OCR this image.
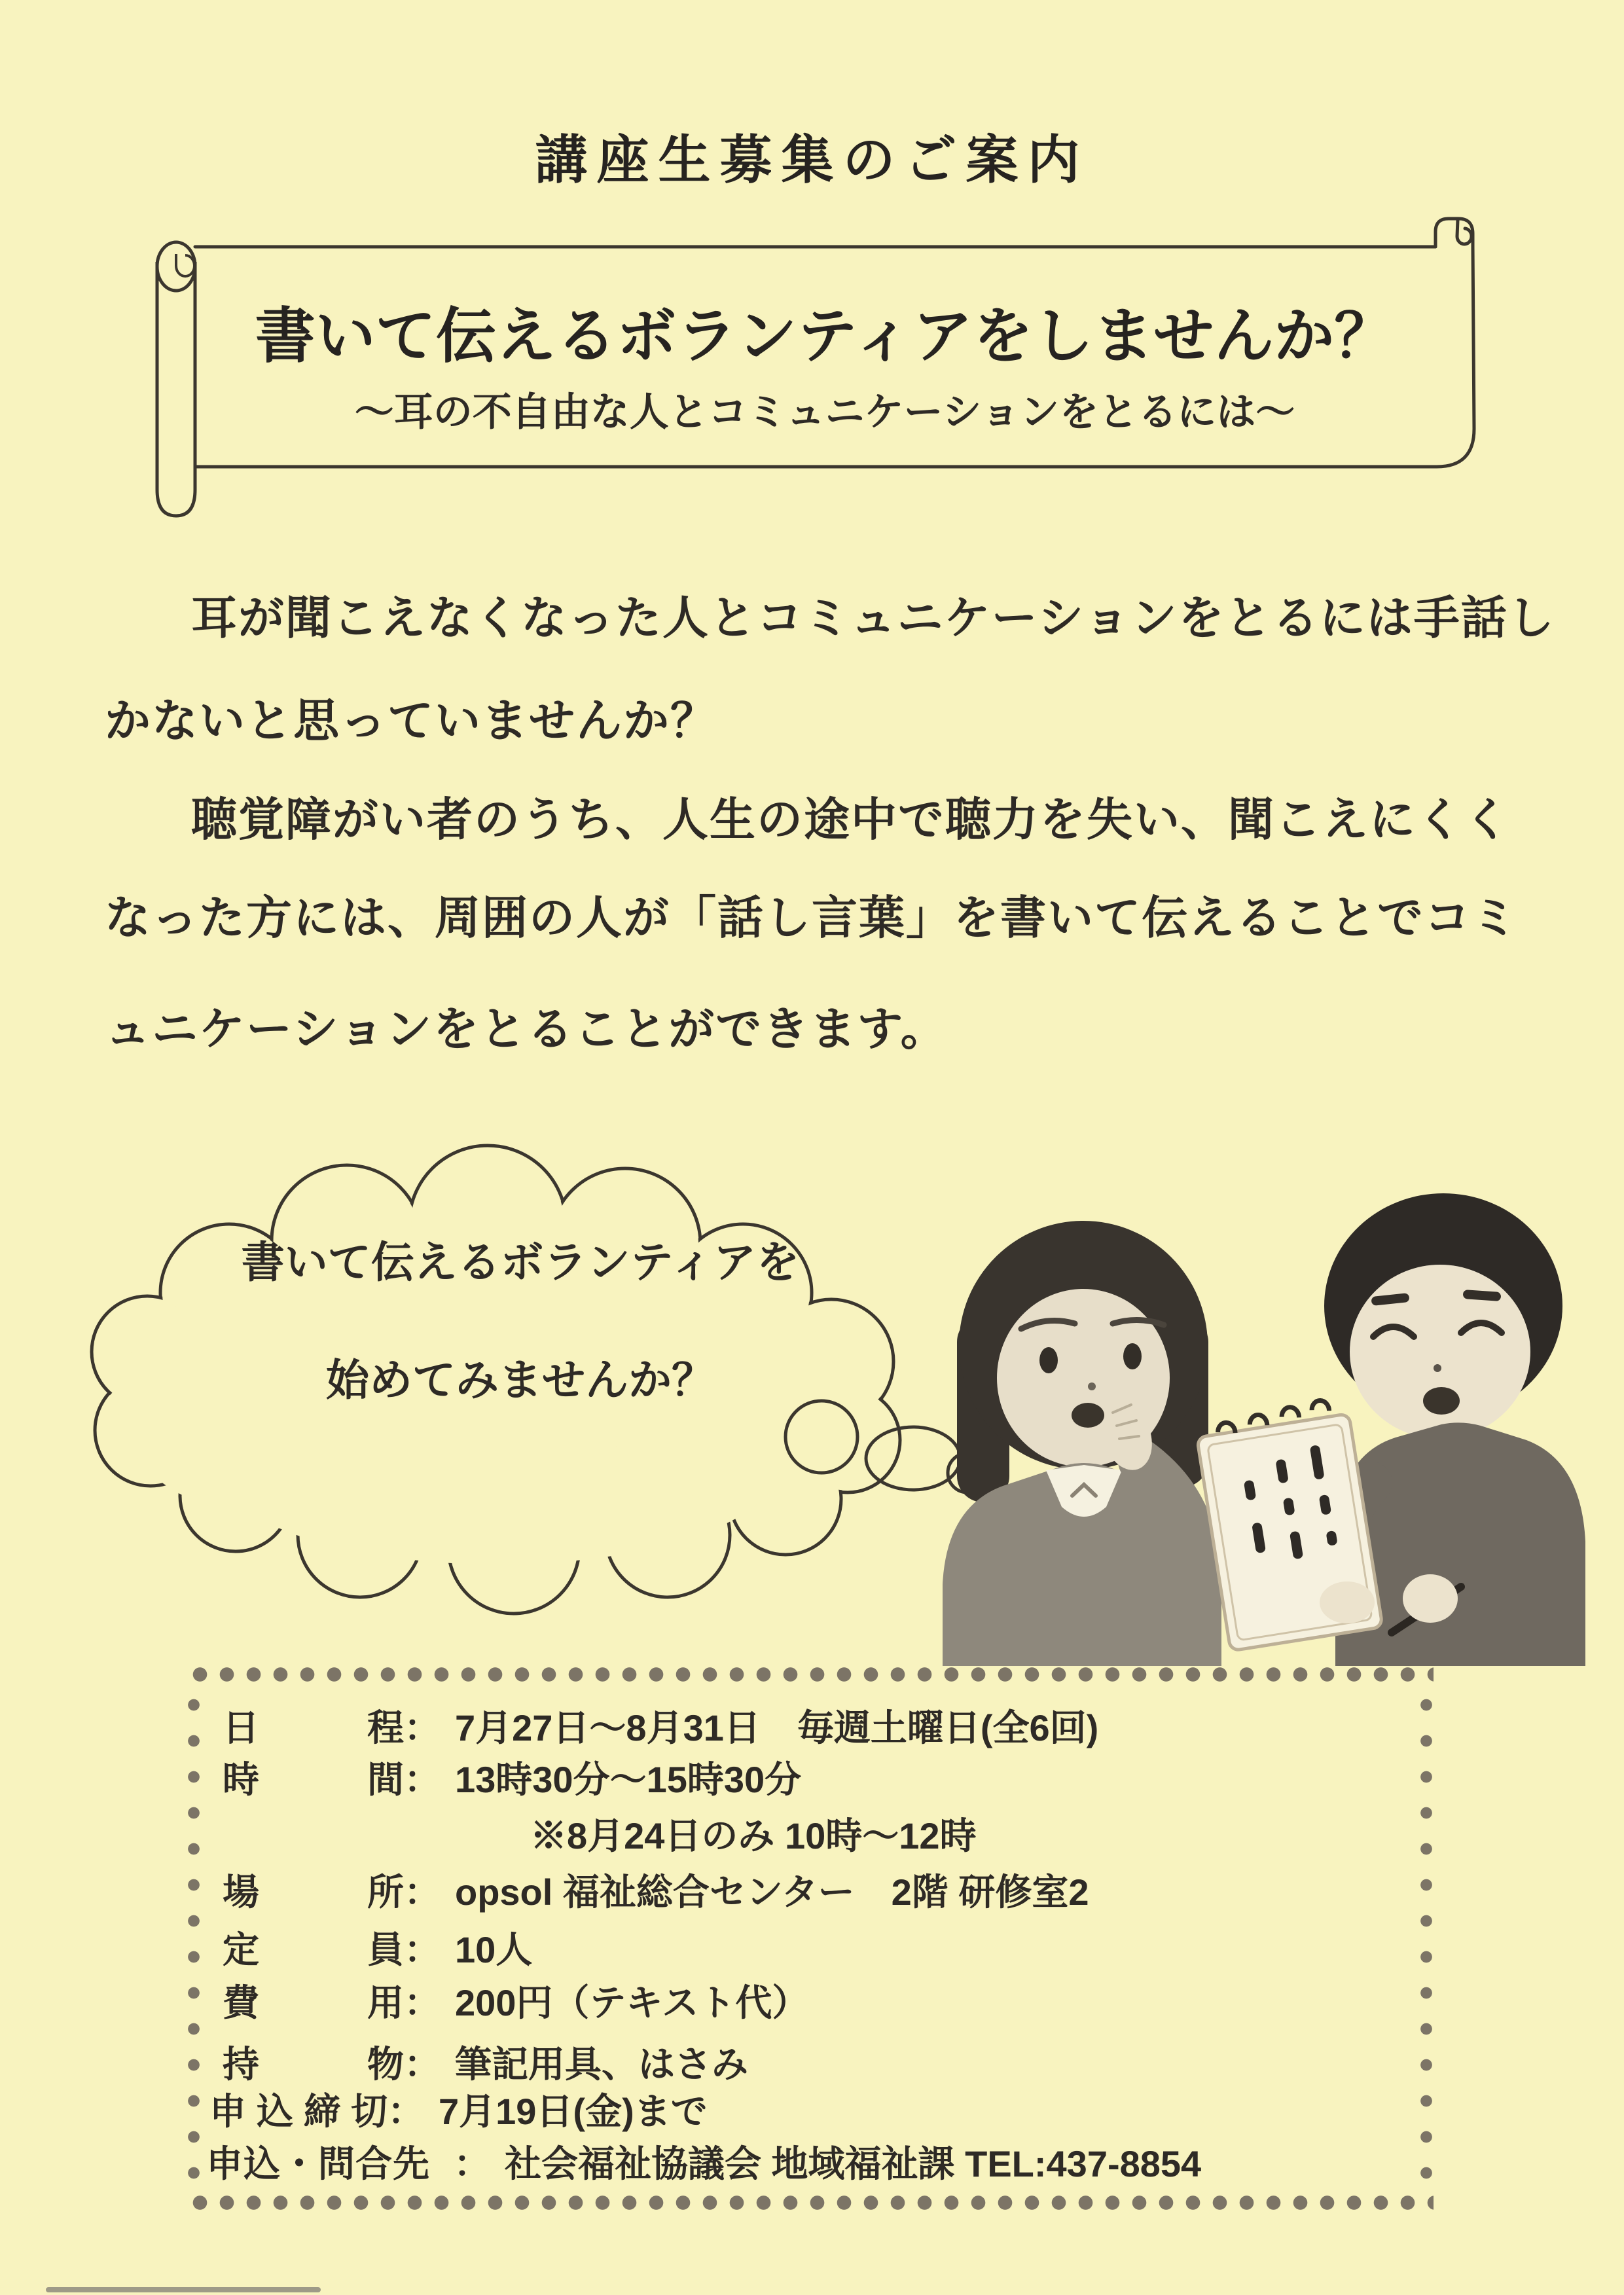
講座生募集のご案内
書いて伝えるボランティアをしませんか？
～耳の不自由な人とコミュニケーションをとるには～
　耳が聞こえなくなった人とコミュニケーションをとるには手話し
かないと思っていませんか？
　聴覚障がい者のうち、人生の途中で聴力を失い、聞こえにくく
なった方には、周囲の人が「話し言葉」を書いて伝えることでコミ
ュニケーションをとることができます。
書いて伝えるボランティアを
始めてみませんか？
日程 ： 7月27日～8月31日　毎週土曜日(全6回)
時間 ： 13時30分～15時30分
※8月24日のみ 10時～12時
場所 ： opsol 福祉総合センター　2階 研修室2
定員 ： 10人
費用 ： 200円（テキスト代）
持物 ： 筆記用具、はさみ
申込締切 ： 7月19日(金)まで
申込・問合先 ： 社会福祉協議会 地域福祉課 TEL:437-8854
